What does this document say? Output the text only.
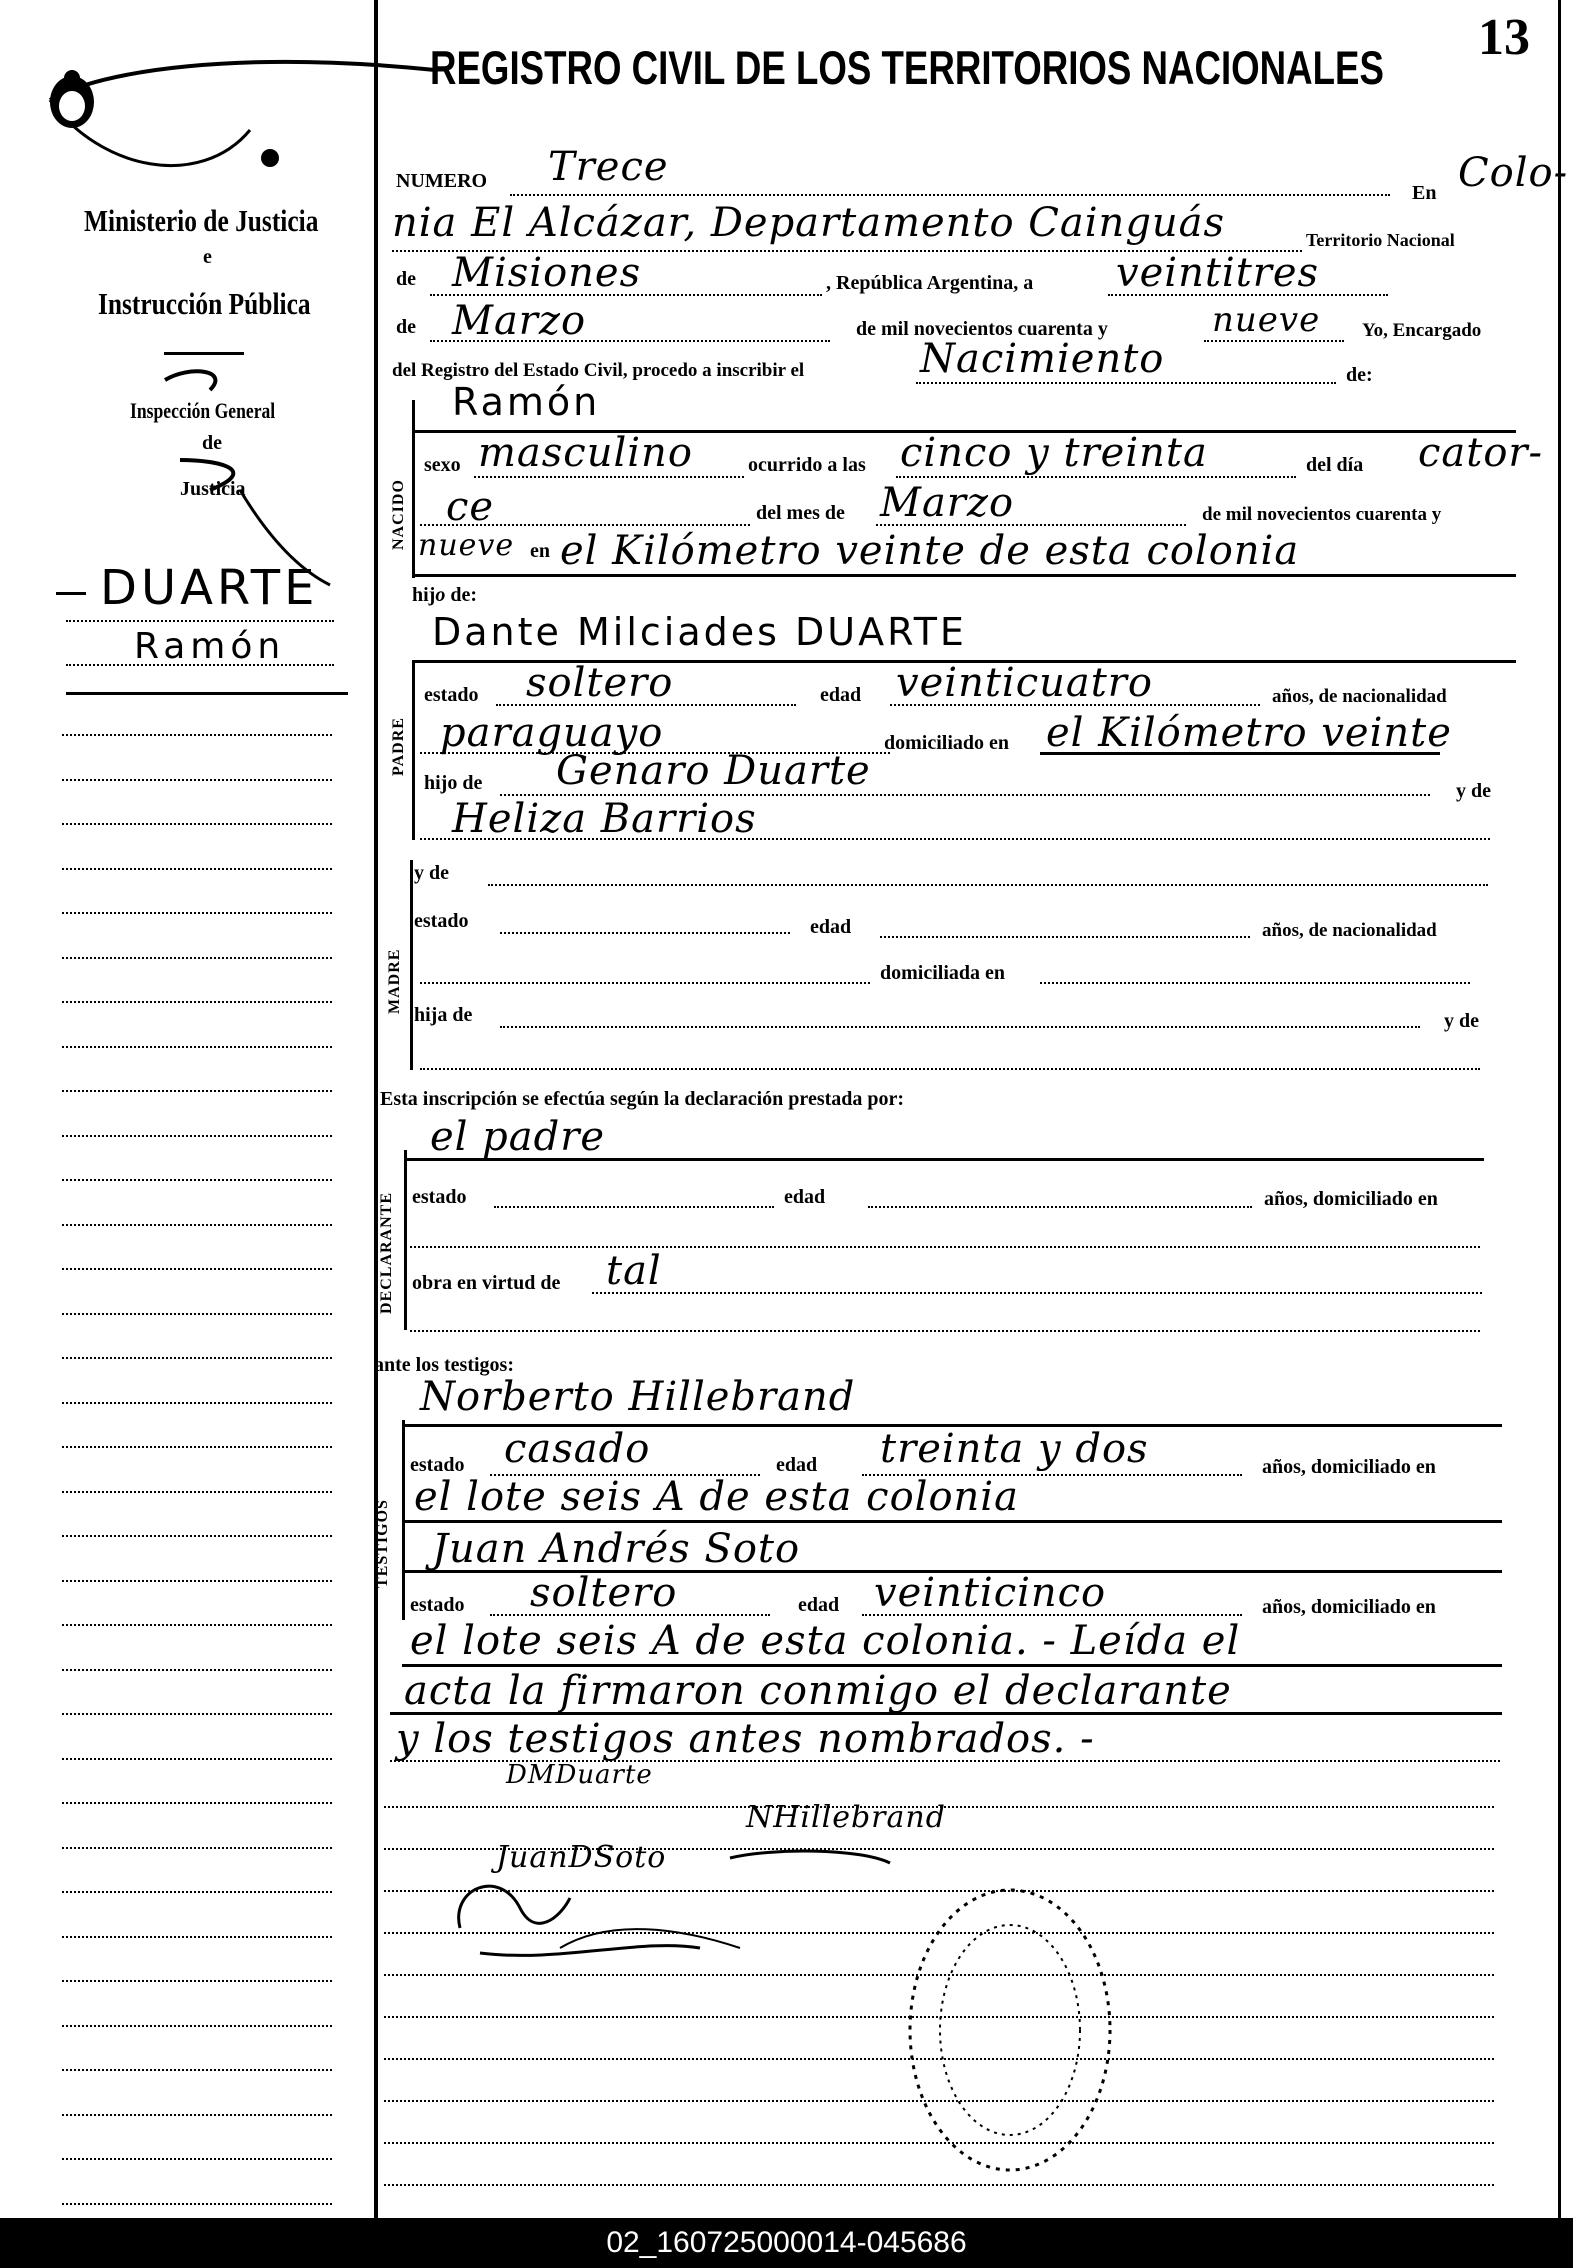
13
REGISTRO CIVIL DE LOS TERRITORIOS NACIONALES
Ministerio de Justicia
e
Instrucción Pública
Inspección General
de
Justicia
DUARTE
Ramón
NUMERO Trece
En Colo-
nia El Alcázar, Departamento Cainguás	Territorio Nacional
de Misiones	, República Argentina, a veintitres
de Marzo	de mil novecientos cuarenta y	nueve Yo, Encargado
del Registro del Estado Civil, procedo a inscribir el	Nacimiento	de:
NACIDO
Ramón
sexo masculino	ocurrido a las cinco y treinta	del día cator-
ce	del mes de Marzo	de mil novecientos cuarenta y
nueve en el Kilómetro veinte de esta colonia
hijo de:
PADRE
Dante Milciades DUARTE
estado soltero	edad veinticuatro	años, de nacionalidad
paraguayo	domiciliado en el Kilómetro veinte
hijo de Genaro Duarte	y de
Heliza Barrios
MADRE
y de
estado	edad	años, de nacionalidad
domiciliada en
hija de	y de
Esta inscripción se efectúa según la declaración prestada por:
DECLARANTE
el padre
estado	edad	años, domiciliado en
obra en virtud de tal
ante los testigos:
TESTIGOS
Norberto Hillebrand
estado casado	edad treinta y dos	años, domiciliado en
el lote seis A de esta colonia
Juan Andrés Soto
estado soltero	edad veinticinco	años, domiciliado en
el lote seis A de esta colonia. - Leída el
acta la firmaron conmigo el declarante
y los testigos antes nombrados. -
DMDuarte
NHillebrand
JuanDSoto
02_160725000014-045686
